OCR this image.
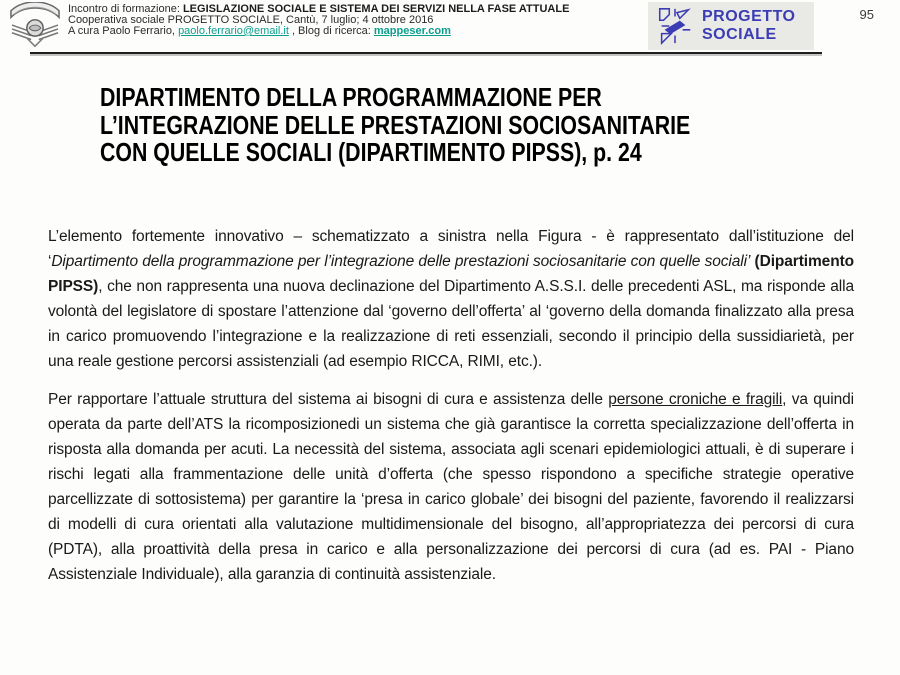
Incontro di formazione: LEGISLAZIONE SOCIALE E SISTEMA DEI SERVIZI NELLA FASE ATTUALE
Cooperativa sociale PROGETTO SOCIALE, Cantù, 7 luglio; 4 ottobre 2016
A cura Paolo Ferrario, paolo.ferrario@email.it , Blog di ricerca: mappeser.com
PROGETTO
SOCIALE
95
DIPARTIMENTO DELLA PROGRAMMAZIONE PER
L’INTEGRAZIONE DELLE PRESTAZIONI SOCIOSANITARIE
CON QUELLE SOCIALI (DIPARTIMENTO PIPSS), p. 24

L’elemento fortemente innovativo – schematizzato a sinistra nella Figura - è rappresentato dall’istituzione del ‘Dipartimento della programmazione per l’integrazione delle prestazioni sociosanitarie con quelle sociali’ (Dipartimento PIPSS), che non rappresenta una nuova declinazione del Dipartimento A.S.S.I. delle precedenti ASL, ma risponde alla volontà del legislatore di spostare l’attenzione dal ‘governo dell’offerta’ al ‘governo della domanda finalizzato alla presa in carico promuovendo l’integrazione e la realizzazione di reti essenziali, secondo il principio della sussidiarietà, per una reale gestione percorsi assistenziali (ad esempio RICCA, RIMI, etc.).

Per rapportare l’attuale struttura del sistema ai bisogni di cura e assistenza delle persone croniche e fragili, va quindi operata da parte dell’ATS la ricomposizionedi un sistema che già garantisce la corretta specializzazione dell’offerta in risposta alla domanda per acuti. La necessità del sistema, associata agli scenari epidemiologici attuali, è di superare i rischi legati alla frammentazione delle unità d’offerta (che spesso rispondono a specifiche strategie operative parcellizzate di sottosistema) per garantire la ‘presa in carico globale’ dei bisogni del paziente, favorendo il realizzarsi di modelli di cura orientati alla valutazione multidimensionale del bisogno, all’appropriatezza dei percorsi di cura (PDTA), alla proattività della presa in carico e alla personalizzazione dei percorsi di cura (ad es. PAI - Piano Assistenziale Individuale), alla garanzia di continuità assistenziale.
